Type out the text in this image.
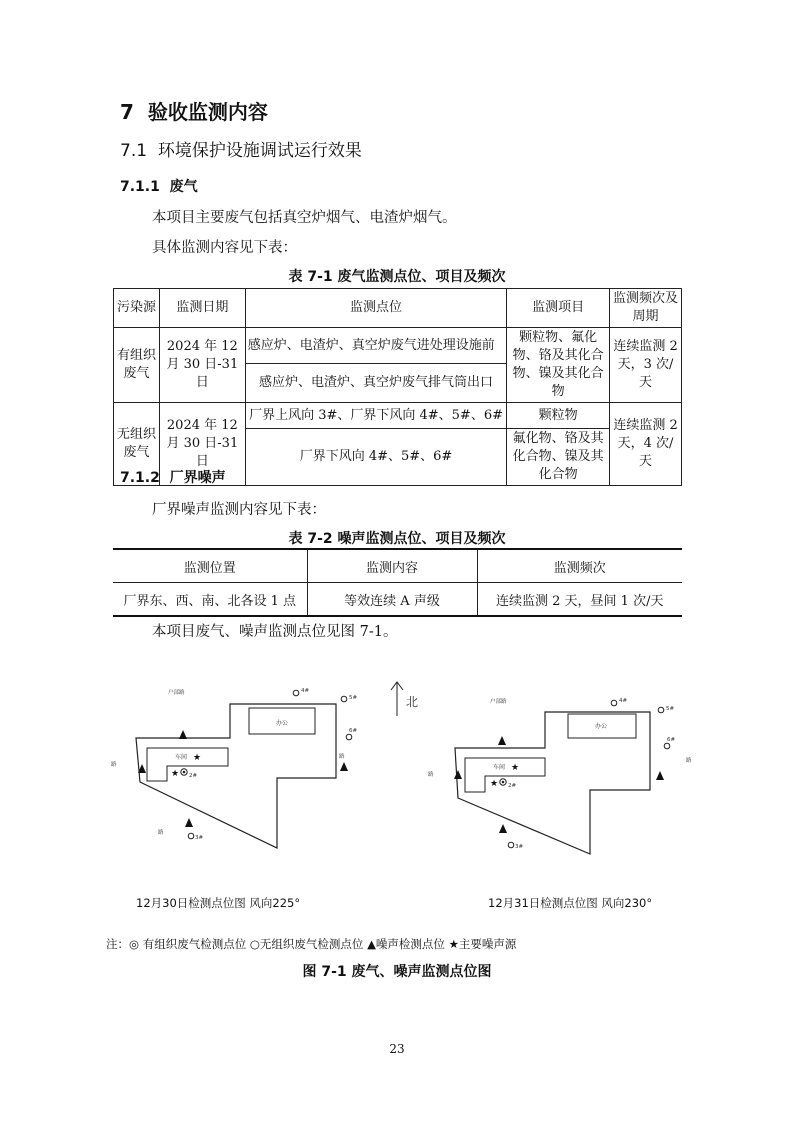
7 验收监测内容
7.1 环境保护设施调试运行效果
7.1.1 废气

本项目主要废气包括真空炉烟气、电渣炉烟气。

具体监测内容见下表：

表 7-1 废气监测点位、项目及频次
污染源	监测日期	监测点位	监测项目	监测频次及周期
有组织废气	2024 年 12 月 30 日-31 日	感应炉、电渣炉、真空炉废气进处理设施前	颗粒物、氟化物、铬及其化合物、镍及其化合物	连续监测 2 天，3 次/天
		感应炉、电渣炉、真空炉废气排气筒出口		
无组织废气	2024 年 12 月 30 日-31 日	厂界上风向 3#、厂界下风向 4#、5#、6#	颗粒物	连续监测 2 天，4 次/天
		厂界下风向 4#、5#、6#	氟化物、铬及其化合物、镍及其化合物	
7.1.2 厂界噪声

厂界噪声监测内容见下表：

表 7-2 噪声监测点位、项目及频次
监测位置	监测内容	监测频次
厂界东、西、南、北各设 1 点	等效连续 A 声级	连续监测 2 天，昼间 1 次/天

本项目废气、噪声监测点位见图 7-1。

北
办公
车间 ★
★ 2#
户部路
路
路
路
4#
5#
6#
3#
办公
车间 ★
★ 2#
户部路
路
路
4#
5#
6#
3#
12月30日检测点位图 风向225°	12月31日检测点位图 风向230°
注：◎ 有组织废气检测点位 ○无组织废气检测点位 ▲噪声检测点位 ★主要噪声源
图 7-1 废气、噪声监测点位图
23
